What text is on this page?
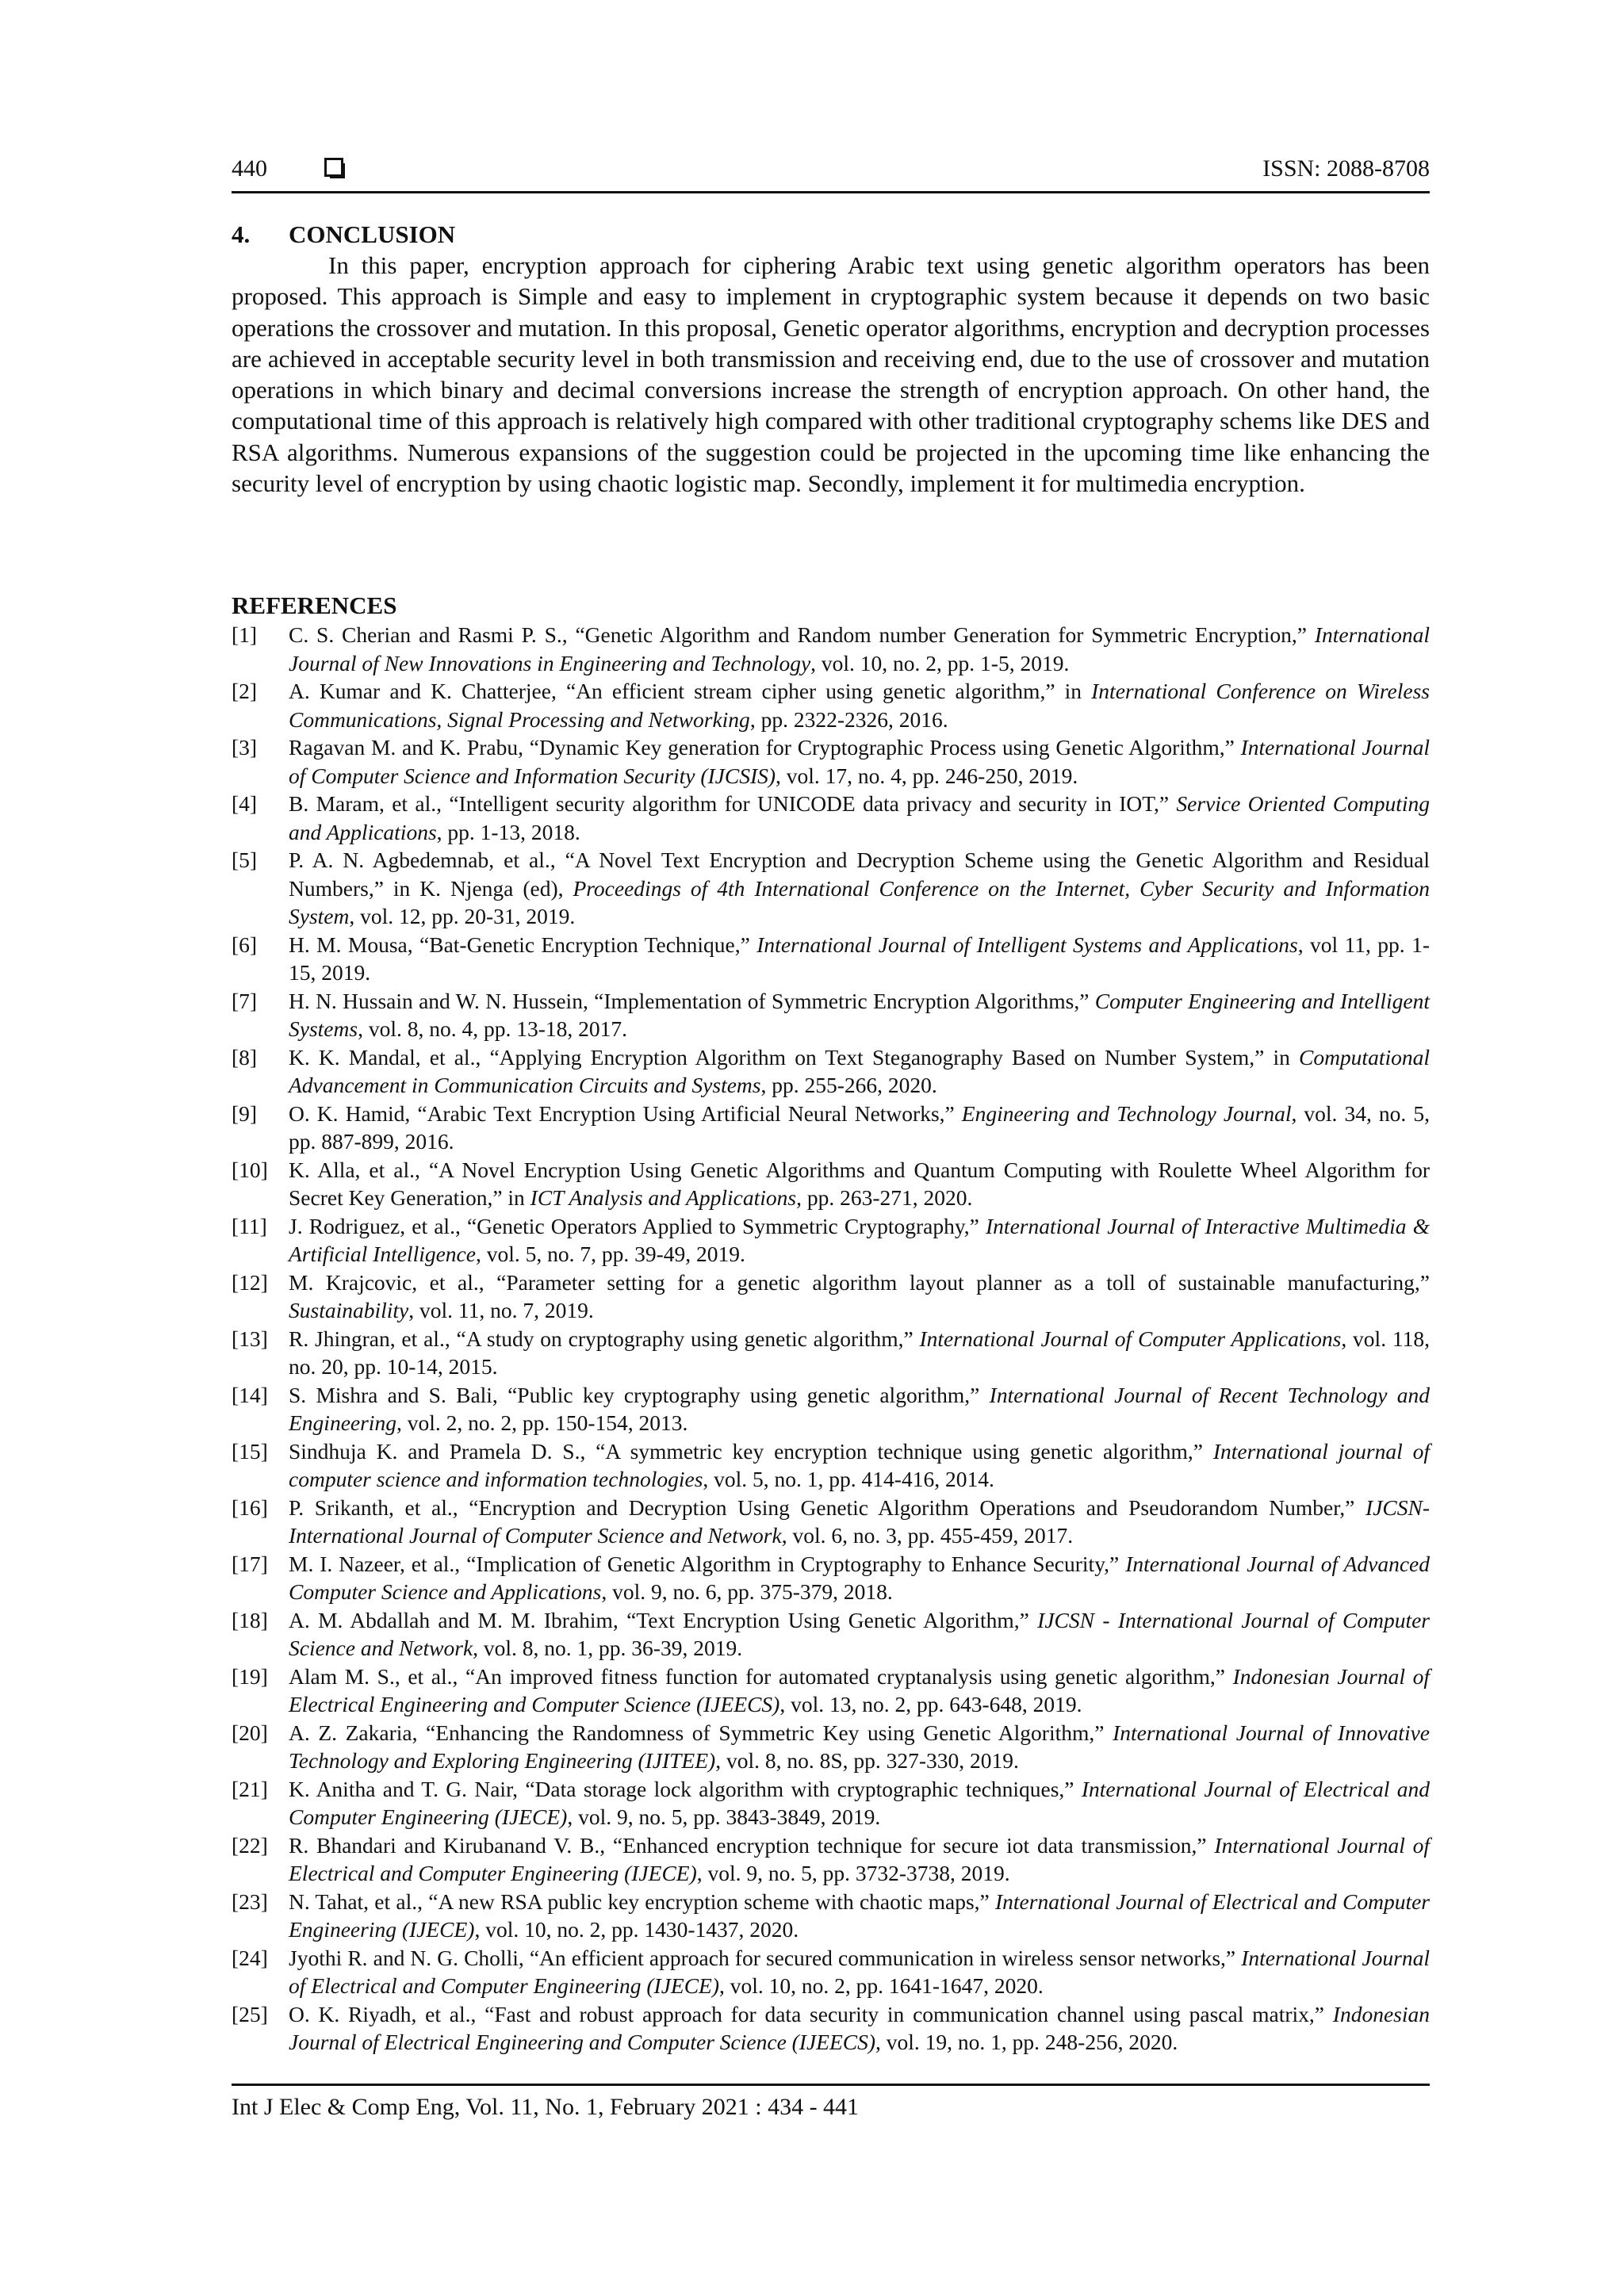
440	ISSN: 2088-8708
4. CONCLUSION

In this paper, encryption approach for ciphering Arabic text using genetic algorithm operators has been proposed. This approach is Simple and easy to implement in cryptographic system because it depends on two basic operations the crossover and mutation. In this proposal, Genetic operator algorithms, encryption and decryption processes are achieved in acceptable security level in both transmission and receiving end, due to the use of crossover and mutation operations in which binary and decimal conversions increase the strength of encryption approach. On other hand, the computational time of this approach is relatively high compared with other traditional cryptography schems like DES and RSA algorithms. Numerous expansions of the suggestion could be projected in the upcoming time like enhancing the security level of encryption by using chaotic logistic map. Secondly, implement it for multimedia encryption.

REFERENCES
[1] C. S. Cherian and Rasmi P. S., “Genetic Algorithm and Random number Generation for Symmetric Encryption,” International Journal of New Innovations in Engineering and Technology, vol. 10, no. 2, pp. 1-5, 2019.
[2] A. Kumar and K. Chatterjee, “An efficient stream cipher using genetic algorithm,” in International Conference on Wireless Communications, Signal Processing and Networking, pp. 2322-2326, 2016.
[3] Ragavan M. and K. Prabu, “Dynamic Key generation for Cryptographic Process using Genetic Algorithm,” International Journal of Computer Science and Information Security (IJCSIS), vol. 17, no. 4, pp. 246-250, 2019.
[4] B. Maram, et al., “Intelligent security algorithm for UNICODE data privacy and security in IOT,” Service Oriented Computing and Applications, pp. 1-13, 2018.
[5] P. A. N. Agbedemnab, et al., “A Novel Text Encryption and Decryption Scheme using the Genetic Algorithm and Residual Numbers,” in K. Njenga (ed), Proceedings of 4th International Conference on the Internet, Cyber Security and Information System, vol. 12, pp. 20-31, 2019.
[6] H. M. Mousa, “Bat-Genetic Encryption Technique,” International Journal of Intelligent Systems and Applications, vol 11, pp. 1-15, 2019.
[7] H. N. Hussain and W. N. Hussein, “Implementation of Symmetric Encryption Algorithms,” Computer Engineering and Intelligent Systems, vol. 8, no. 4, pp. 13-18, 2017.
[8] K. K. Mandal, et al., “Applying Encryption Algorithm on Text Steganography Based on Number System,” in Computational Advancement in Communication Circuits and Systems, pp. 255-266, 2020.
[9] O. K. Hamid, “Arabic Text Encryption Using Artificial Neural Networks,” Engineering and Technology Journal, vol. 34, no. 5, pp. 887-899, 2016.
[10] K. Alla, et al., “A Novel Encryption Using Genetic Algorithms and Quantum Computing with Roulette Wheel Algorithm for Secret Key Generation,” in ICT Analysis and Applications, pp. 263-271, 2020.
[11] J. Rodriguez, et al., “Genetic Operators Applied to Symmetric Cryptography,” International Journal of Interactive Multimedia & Artificial Intelligence, vol. 5, no. 7, pp. 39-49, 2019.
[12] M. Krajcovic, et al., “Parameter setting for a genetic algorithm layout planner as a toll of sustainable manufacturing,” Sustainability, vol. 11, no. 7, 2019.
[13] R. Jhingran, et al., “A study on cryptography using genetic algorithm,” International Journal of Computer Applications, vol. 118, no. 20, pp. 10-14, 2015.
[14] S. Mishra and S. Bali, “Public key cryptography using genetic algorithm,” International Journal of Recent Technology and Engineering, vol. 2, no. 2, pp. 150-154, 2013.
[15] Sindhuja K. and Pramela D. S., “A symmetric key encryption technique using genetic algorithm,” International journal of computer science and information technologies, vol. 5, no. 1, pp. 414-416, 2014.
[16] P. Srikanth, et al., “Encryption and Decryption Using Genetic Algorithm Operations and Pseudorandom Number,” IJCSN-International Journal of Computer Science and Network, vol. 6, no. 3, pp. 455-459, 2017.
[17] M. I. Nazeer, et al., “Implication of Genetic Algorithm in Cryptography to Enhance Security,” International Journal of Advanced Computer Science and Applications, vol. 9, no. 6, pp. 375-379, 2018.
[18] A. M. Abdallah and M. M. Ibrahim, “Text Encryption Using Genetic Algorithm,” IJCSN - International Journal of Computer Science and Network, vol. 8, no. 1, pp. 36-39, 2019.
[19] Alam M. S., et al., “An improved fitness function for automated cryptanalysis using genetic algorithm,” Indonesian Journal of Electrical Engineering and Computer Science (IJEECS), vol. 13, no. 2, pp. 643-648, 2019.
[20] A. Z. Zakaria, “Enhancing the Randomness of Symmetric Key using Genetic Algorithm,” International Journal of Innovative Technology and Exploring Engineering (IJITEE), vol. 8, no. 8S, pp. 327-330, 2019.
[21] K. Anitha and T. G. Nair, “Data storage lock algorithm with cryptographic techniques,” International Journal of Electrical and Computer Engineering (IJECE), vol. 9, no. 5, pp. 3843-3849, 2019.
[22] R. Bhandari and Kirubanand V. B., “Enhanced encryption technique for secure iot data transmission,” International Journal of Electrical and Computer Engineering (IJECE), vol. 9, no. 5, pp. 3732-3738, 2019.
[23] N. Tahat, et al., “A new RSA public key encryption scheme with chaotic maps,” International Journal of Electrical and Computer Engineering (IJECE), vol. 10, no. 2, pp. 1430-1437, 2020.
[24] Jyothi R. and N. G. Cholli, “An efficient approach for secured communication in wireless sensor networks,” International Journal of Electrical and Computer Engineering (IJECE), vol. 10, no. 2, pp. 1641-1647, 2020.
[25] O. K. Riyadh, et al., “Fast and robust approach for data security in communication channel using pascal matrix,” Indonesian Journal of Electrical Engineering and Computer Science (IJEECS), vol. 19, no. 1, pp. 248-256, 2020.
Int J Elec & Comp Eng, Vol. 11, No. 1, February 2021 : 434 - 441
